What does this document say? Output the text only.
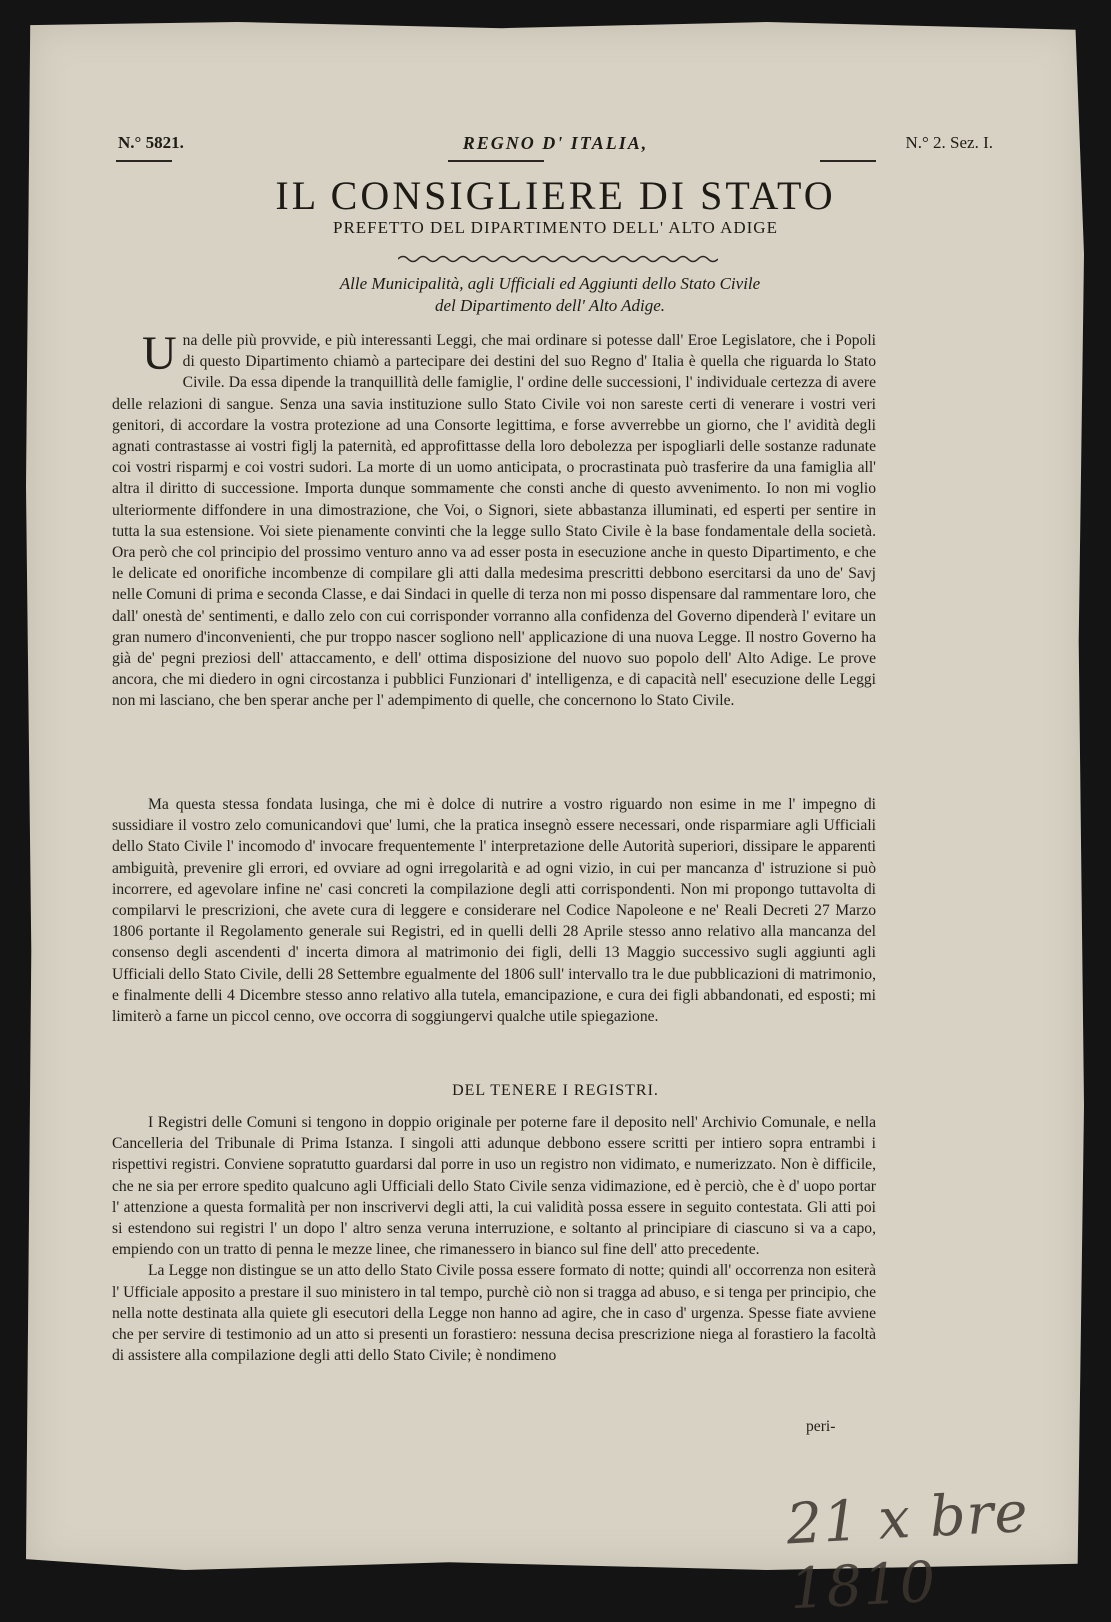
N.° 5821.	REGNO D' ITALIA,	N.° 2. Sez. I.
IL CONSIGLIERE DI STATO
PREFETTO DEL DIPARTIMENTO DELL' ALTO ADIGE
Alle Municipalità, agli Ufficiali ed Aggiunti dello Stato Civile
del Dipartimento dell' Alto Adige.
U na delle più provvide, e più interessanti Leggi, che mai ordinare si potesse dall' Eroe Legislatore, che i Popoli di questo Dipartimento chiamò a partecipare dei destini del suo Regno d' Italia è quella che riguarda lo Stato Civile. Da essa dipende la tranquillità delle famiglie, l' ordine delle successioni, l' individuale certezza di avere delle relazioni di sangue. Senza una savia instituzione sullo Stato Civile voi non sareste certi di venerare i vostri veri genitori, di accordare la vostra protezione ad una Consorte legittima, e forse avverrebbe un giorno, che l' avidità degli agnati contrastasse ai vostri figlj la paternità, ed approfittasse della loro debolezza per ispogliarli delle sostanze radunate coi vostri risparmj e coi vostri sudori. La morte di un uomo anticipata, o procrastinata può trasferire da una famiglia all' altra il diritto di successione. Importa dunque sommamente che consti anche di questo avvenimento. Io non mi voglio ulteriormente diffondere in una dimostrazione, che Voi, o Signori, siete abbastanza illuminati, ed esperti per sentire in tutta la sua estensione. Voi siete pienamente convinti che la legge sullo Stato Civile è la base fondamentale della società. Ora però che col principio del prossimo venturo anno va ad esser posta in esecuzione anche in questo Dipartimento, e che le delicate ed onorifiche incombenze di compilare gli atti dalla medesima prescritti debbono esercitarsi da uno de' Savj nelle Comuni di prima e seconda Classe, e dai Sindaci in quelle di terza non mi posso dispensare dal rammentare loro, che dall' onestà de' sentimenti, e dallo zelo con cui corrisponder vorranno alla confidenza del Governo dipenderà l' evitare un gran numero d'inconvenienti, che pur troppo nascer sogliono nell' applicazione di una nuova Legge. Il nostro Governo ha già de' pegni preziosi dell' attaccamento, e dell' ottima disposizione del nuovo suo popolo dell' Alto Adige. Le prove ancora, che mi diedero in ogni circostanza i pubblici Funzionari d' intelligenza, e di capacità nell' esecuzione delle Leggi non mi lasciano, che ben sperar anche per l' adempimento di quelle, che concernono lo Stato Civile.

Ma questa stessa fondata lusinga, che mi è dolce di nutrire a vostro riguardo non esime in me l' impegno di sussidiare il vostro zelo comunicandovi que' lumi, che la pratica insegnò essere necessari, onde risparmiare agli Ufficiali dello Stato Civile l' incomodo d' invocare frequentemente l' interpretazione delle Autorità superiori, dissipare le apparenti ambiguità, prevenire gli errori, ed ovviare ad ogni irregolarità e ad ogni vizio, in cui per mancanza d' istruzione si può incorrere, ed agevolare infine ne' casi concreti la compilazione degli atti corrispondenti. Non mi propongo tuttavolta di compilarvi le prescrizioni, che avete cura di leggere e considerare nel Codice Napoleone e ne' Reali Decreti 27 Marzo 1806 portante il Regolamento generale sui Registri, ed in quelli delli 28 Aprile stesso anno relativo alla mancanza del consenso degli ascendenti d' incerta dimora al matrimonio dei figli, delli 13 Maggio successivo sugli aggiunti agli Ufficiali dello Stato Civile, delli 28 Settembre egualmente del 1806 sull' intervallo tra le due pubblicazioni di matrimonio, e finalmente delli 4 Dicembre stesso anno relativo alla tutela, emancipazione, e cura dei figli abbandonati, ed esposti; mi limiterò a farne un piccol cenno, ove occorra di soggiungervi qualche utile spiegazione.

DEL TENERE I REGISTRI.

I Registri delle Comuni si tengono in doppio originale per poterne fare il deposito nell' Archivio Comunale, e nella Cancelleria del Tribunale di Prima Istanza. I singoli atti adunque debbono essere scritti per intiero sopra entrambi i rispettivi registri. Conviene sopratutto guardarsi dal porre in uso un registro non vidimato, e numerizzato. Non è difficile, che ne sia per errore spedito qualcuno agli Ufficiali dello Stato Civile senza vidimazione, ed è perciò, che è d' uopo portar l' attenzione a questa formalità per non inscrivervi degli atti, la cui validità possa essere in seguito contestata. Gli atti poi si estendono sui registri l' un dopo l' altro senza veruna interruzione, e soltanto al principiare di ciascuno si va a capo, empiendo con un tratto di penna le mezze linee, che rimanessero in bianco sul fine dell' atto precedente.

La Legge non distingue se un atto dello Stato Civile possa essere formato di notte; quindi all' occorrenza non esiterà l' Ufficiale apposito a prestare il suo ministero in tal tempo, purchè ciò non si tragga ad abuso, e si tenga per principio, che nella notte destinata alla quiete gli esecutori della Legge non hanno ad agire, che in caso d' urgenza. Spesse fiate avviene che per servire di testimonio ad un atto si presenti un forastiero: nessuna decisa prescrizione niega al forastiero la facoltà di assistere alla compilazione degli atti dello Stato Civile; è nondimeno

peri-
21 x bre 1810
